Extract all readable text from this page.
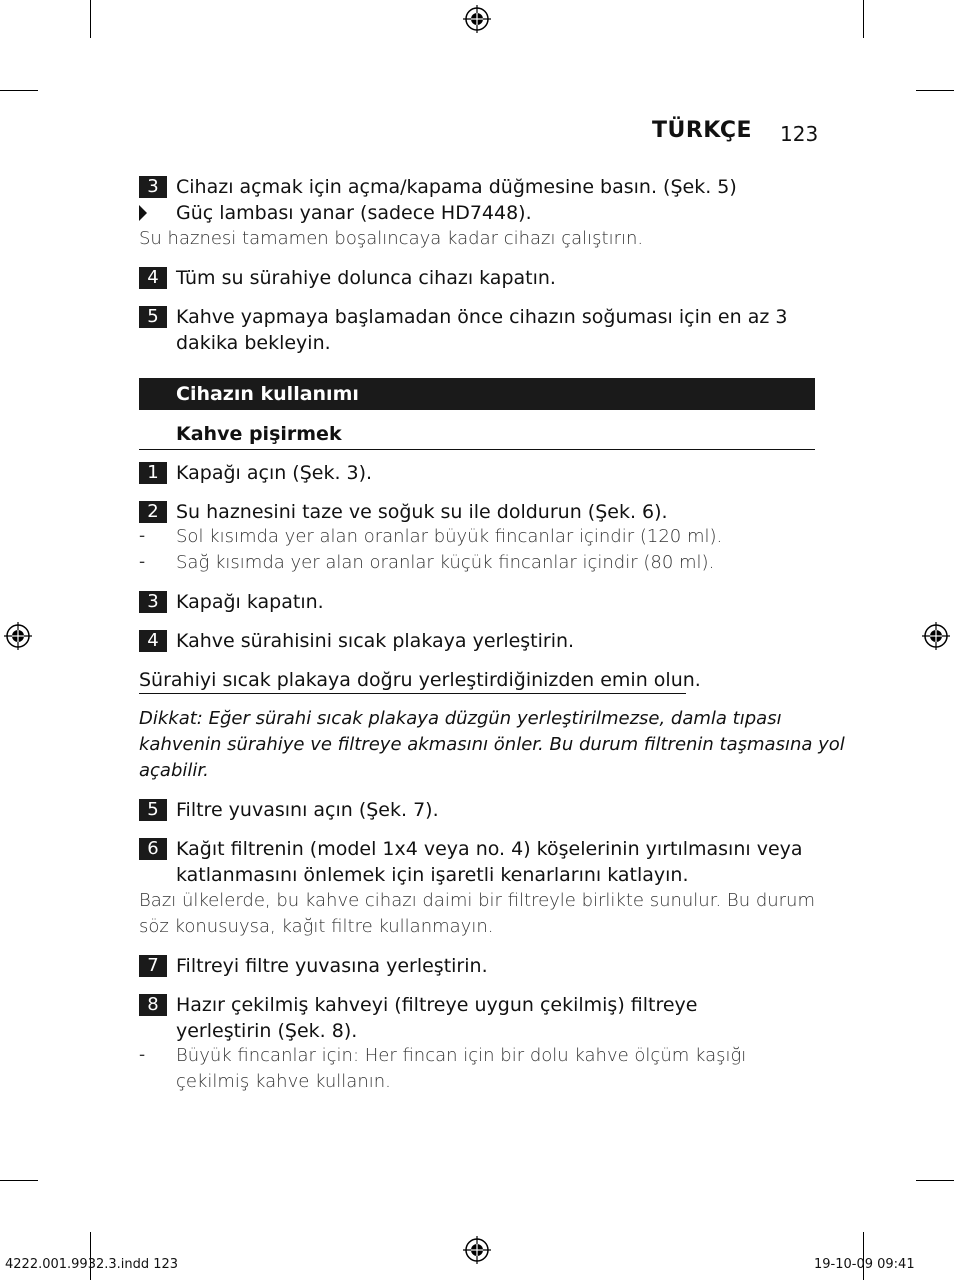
TÜRKÇE 123
3 Cihazı açmak için açma/kapama düğmesine basın. (Şek. 5)
Güç lambası yanar (sadece HD7448).
Su haznesi tamamen boşalıncaya kadar cihazı çalıştırın.
4 Tüm su sürahiye dolunca cihazı kapatın.
5 Kahve yapmaya başlamadan önce cihazın soğuması için en az 3
dakika bekleyin.
Cihazın kullanımı
Kahve pişirmek
1 Kapağı açın (Şek. 3).
2 Su haznesini taze ve soğuk su ile doldurun (Şek. 6).
- Sol kısımda yer alan oranlar büyük fincanlar içindir (120 ml).
- Sağ kısımda yer alan oranlar küçük fincanlar içindir (80 ml).
3 Kapağı kapatın.
4 Kahve sürahisini sıcak plakaya yerleştirin.
Sürahiyi sıcak plakaya doğru yerleştirdiğinizden emin olun.
Dikkat: Eğer sürahi sıcak plakaya düzgün yerleştirilmezse, damla tıpası
kahvenin sürahiye ve filtreye akmasını önler. Bu durum filtrenin taşmasına yol
açabilir.
5 Filtre yuvasını açın (Şek. 7).
6 Kağıt filtrenin (model 1x4 veya no. 4) köşelerinin yırtılmasını veya
katlanmasını önlemek için işaretli kenarlarını katlayın.
Bazı ülkelerde, bu kahve cihazı daimi bir filtreyle birlikte sunulur. Bu durum
söz konusuysa, kağıt filtre kullanmayın.
7 Filtreyi filtre yuvasına yerleştirin.
8 Hazır çekilmiş kahveyi (filtreye uygun çekilmiş) filtreye
yerleştirin (Şek. 8).
- Büyük fincanlar için: Her fincan için bir dolu kahve ölçüm kaşığı
çekilmiş kahve kullanın.
4222.001.9932.3.indd 123	19-10-09 09:41
